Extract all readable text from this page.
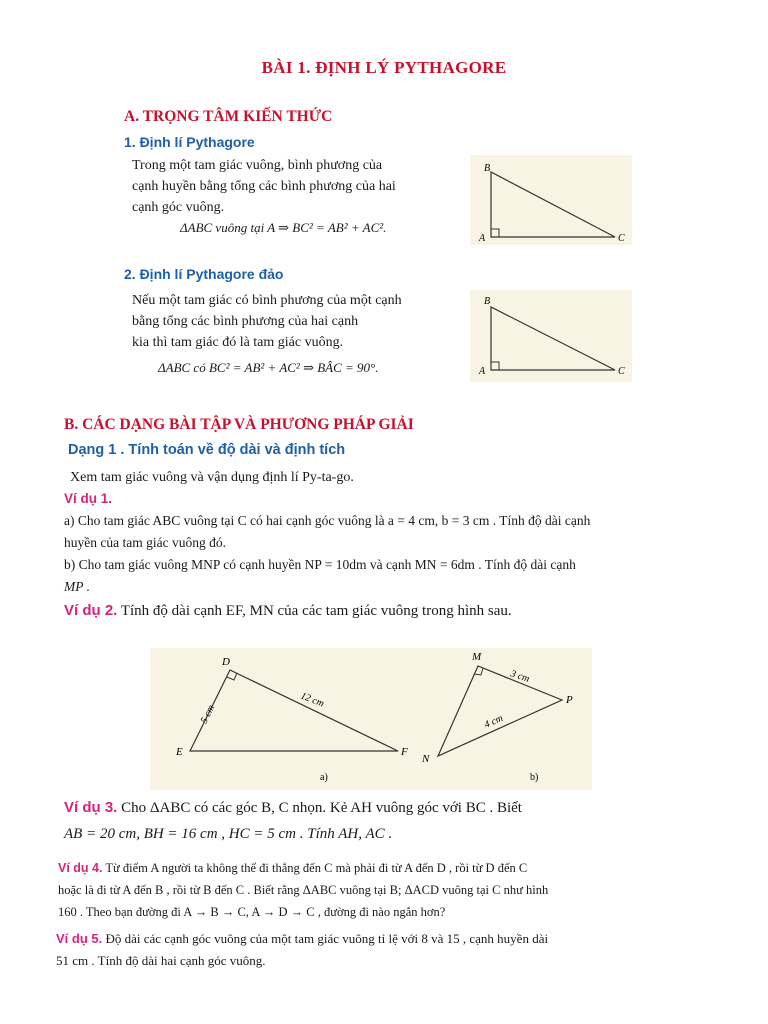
BÀI 1. ĐỊNH LÝ PYTHAGORE
A. TRỌNG TÂM KIẾN THỨC
1. Định lí Pythagore
Trong một tam giác vuông, bình phương của
cạnh huyền bằng tổng các bình phương của hai
cạnh góc vuông.
ΔABC vuông tại A ⇒ BC² = AB² + AC².
B
A	C
2. Định lí Pythagore đảo
Nếu một tam giác có bình phương của một cạnh
bằng tổng các bình phương của hai cạnh
kia thì tam giác đó là tam giác vuông.
ΔABC có BC² = AB² + AC² ⇒ BÂC = 90°.
B
A	C
B. CÁC DẠNG BÀI TẬP VÀ PHƯƠNG PHÁP GIẢI
Dạng 1 . Tính toán về độ dài và định tích
Xem tam giác vuông và vận dụng định lí Py-ta-go.
Ví dụ 1.
a) Cho tam giác ABC vuông tại C có hai cạnh góc vuông là a = 4 cm, b = 3 cm . Tính độ dài cạnh
huyền của tam giác vuông đó.
b) Cho tam giác vuông MNP có cạnh huyền NP = 10dm và cạnh MN = 6dm . Tính độ dài cạnh
MP .
Ví dụ 2. Tính độ dài cạnh EF, MN của các tam giác vuông trong hình sau.
D
E	F
5 cm
12 cm
a)
M
N
P
3 cm
4 cm
b)
Ví dụ 3. Cho ΔABC có các góc B, C nhọn. Kẻ AH vuông góc với BC . Biết
AB = 20 cm, BH = 16 cm , HC = 5 cm . Tính AH, AC .
Ví dụ 4. Từ điểm A người ta không thể đi thẳng đến C mà phải đi từ A đến D , rồi từ D đến C
hoặc là đi từ A đến B , rồi từ B đến C . Biết rằng ΔABC vuông tại B; ΔACD vuông tại C như hình
160 . Theo bạn đường đi A → B → C, A → D → C , đường đi nào ngắn hơn?
Ví dụ 5. Độ dài các cạnh góc vuông của một tam giác vuông tỉ lệ với 8 và 15 , cạnh huyền dài
51 cm . Tính độ dài hai cạnh góc vuông.
